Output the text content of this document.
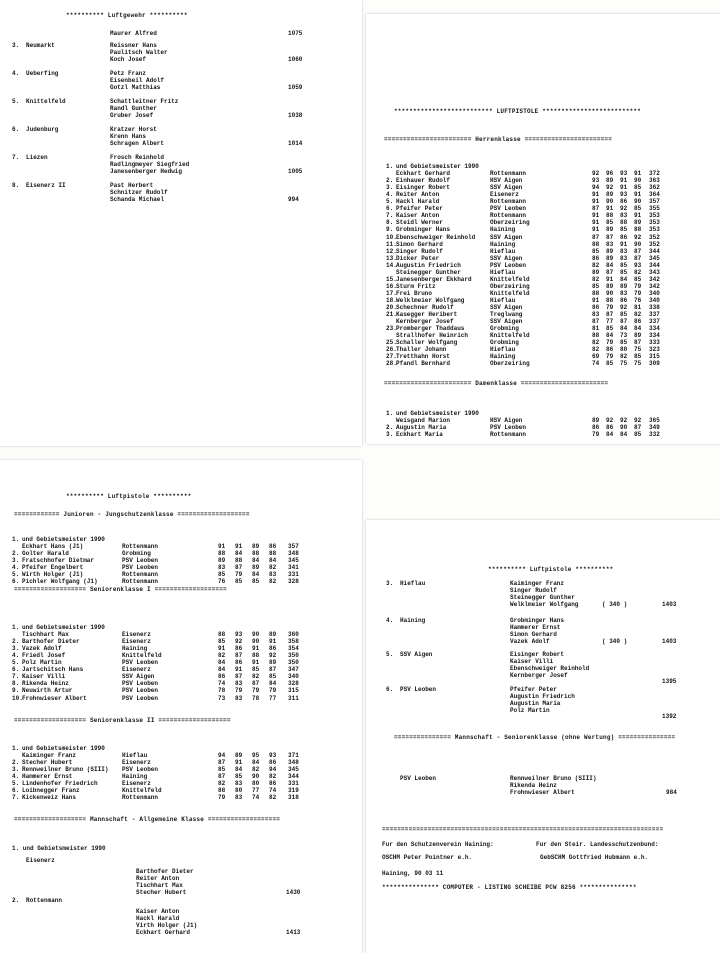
********** Luftgewehr **********
Maurer Alfred	1075
3. Neumarkt	Reissner Hans
Paulitsch Walter
Koch Josef	1060
4. Ueberfing	Petz Franz
Eisenbeil Adolf
Gotzl Matthias	1059
5. Knittelfeld	Schattleitner Fritz
Randl Gunther
Gruber Josef	1038
6. Judenburg	Kratzer Horst
Krenn Hans
Schragen Albert	1014
7. Liezen	Frosch Reinhold
Radlingmeyer Siegfried
Janesenberger Hedwig	1005
8. Eisenerz II	Past Herbert
Schnitzer Rudolf
Schanda Michael	994
************************** LUFTPISTOLE **************************
======================= Herrenklasse =======================
1. und Gebietsmeister 1990
Eckhart Gerhard	Rottenmann	92 96 93 91 372
2. Einhauer Rudolf	HSV Aigen	93 89 91 90 363
3. Eisinger Robert	SSV Aigen	94 92 91 85 362
4. Reiter Anton	Eisenerz	91 89 93 91 364
5. Hackl Harald	Rottenmann	91 90 86 90 357
6. Pfeifer Peter	PSV Leoben	87 91 92 85 355
7. Kaiser Anton	Rottenmann	91 88 83 91 353
8. Steidl Werner	Oberzeiring	91 85 88 89 353
9. Grobminger Hans	Haining	91 89 85 88 353
10. Ebenschweiger Reinhold SSV Aigen	87 87 86 92 352
11. Simon Gerhard	Haining	88 83 91 90 352
12. Singer Rudolf	Hieflau	85 89 83 87 344
13. Dicker Peter	SSV Aigen	86 89 83 87 345
14. Augustin Friedrich	PSV Leoben	82 84 85 93 344
Steinegger Gunther	Hieflau	89 87 85 82 343
15. Janesenberger Ekkhard	Knittelfeld	82 91 84 85 342
16. Sturm Fritz	Oberzeiring	85 89 89 79 342
17. Frei Bruno	Knittelfeld	88 90 83 79 340
18. Welklmeier Wolfgang	Hieflau	91 88 86 76 340
20. Schechner Rudolf	SSV Aigen	86 79 92 81 338
21. Kasegger Heribert	Treglwang	83 87 85 82 337
Kernberger Josef	SSV Aigen	87 77 87 86 337
23. Promberger Thaddaus	Grobming	81 85 84 84 334
Strallhofer Heinrich	Knittelfeld	88 84 73 89 334
25. Schaller Wolfgang	Grobming	82 79 85 87 333
26. Thaller Johann	Hieflau	82 86 80 75 323
27. Tretthahn Horst	Haining	69 79 82 85 315
28. Pfandl Bernhard	Oberzeiring	74 85 75 75 309
======================= Damenklasse =======================
1. und Gebietsmeister 1990
Weisgand Marion	HSV Aigen	89 92 92 92 365
2. Augustin Maria	PSV Leoben	86 86 90 87 349
3. Eckhart Maria	Rottenmann	79 84 84 85 332
********** Luftpistole **********
============ Junioren - Jungschutzenklasse ===================
1. und Gebietsmeister 1990
Eckhart Hans (J1)	Rottenmann	91 91 89 86 357
2. Golter Harald	Grobming	88 84 88 88 348
3. Fratschhofer Dietmar	PSV Leoben	89 88 84 84 345
4. Pfeifer Engelbert	PSV Leoben	83 87 89 82 341
5. Wirth Holger (J1)	Rottenmann	85 79 84 83 331
6. Pichler Wolfgang (J1)	Rottenmann	76 85 85 82 328
=================== Seniorenklasse I ===================
1. und Gebietsmeister 1990
Tischhart Max	Eisenerz	88 93 90 89 360
2. Barthofer Dieter	Eisenerz	85 92 90 91 358
3. Vazek Adolf	Haining	91 86 91 86 354
4. Friedl Josef	Knittelfeld	82 87 88 92 350
5. Polz Martin	PSV Leoben	84 86 91 89 350
6. Jartschitsch Hans	Eisenerz	84 91 85 87 347
7. Kaiser Villi	SSV Aigen	86 87 82 85 340
8. Rikenda Heinz	PSV Leoben	74 83 87 84 328
9. Neuwirth Artur	PSV Leoben	78 79 79 79 315
10. Frohnwieser Albert	PSV Leoben	73 83 78 77 311
=================== Seniorenklasse II ===================
1. und Gebietsmeister 1990
Kaiminger Franz	Hieflau	94 89 95 93 371
2. Stecher Hubert	Eisenerz	87 91 84 86 348
3. Rennweilner Bruno (SIII) PSV Leoben	85 84 82 94 345
4. Hammerer Ernst	Haining	87 85 90 82 344
5. Lindenhofer Friedrich	Eisenerz	82 83 80 86 331
6. Loibnegger Franz	Knittelfeld	88 80 77 74 319
7. Kickenweiz Hans	Rottenmann	79 83 74 82 318
=================== Mannschaft - Allgemeine Klasse ===================
1. und Gebietsmeister 1990
Eisenerz
Barthofer Dieter
Reiter Anton
Tischhart Max
Stecher Hubert	1430
2. Rottenmann
Kaiser Anton
Hackl Harald
Virth Holger (J1)
Eckhart Gerhard	1413
********** Luftpistole **********
3. Hieflau	Kaiminger Franz
Singer Rudolf
Steinegger Gunther
Welklmeier Wolfgang	( 340 )	1403
4. Haining	Grobminger Hans
Hammerer Ernst
Simon Gerhard
Vazek Adolf	( 340 )	1403
5. SSV Aigen	Eisinger Robert
Kaiser Villi
Ebenschweiger Reinhold
Kernberger Josef
1395
6. PSV Leoben	Pfeifer Peter
Augustin Friedrich
Augustin Maria
Polz Martin
1392
=============== Mannschaft - Seniorenklasse (ohne Wertung) ===============
PSV Leoben	Rennweilner Bruno (SIII)
Rikenda Heinz
Frohnwieser Albert	984
==========================================================================
Fur den Schutzenverein Haining:	Fur den Steir. Landesschutzenbund:
OSCHM Peter Pointner e.h.	GebSCHM Gottfried Hubmann e.h.
Haining, 90 03 11
*************** COMPUTER - LISTING SCHEIBE PCW 8256 ***************
